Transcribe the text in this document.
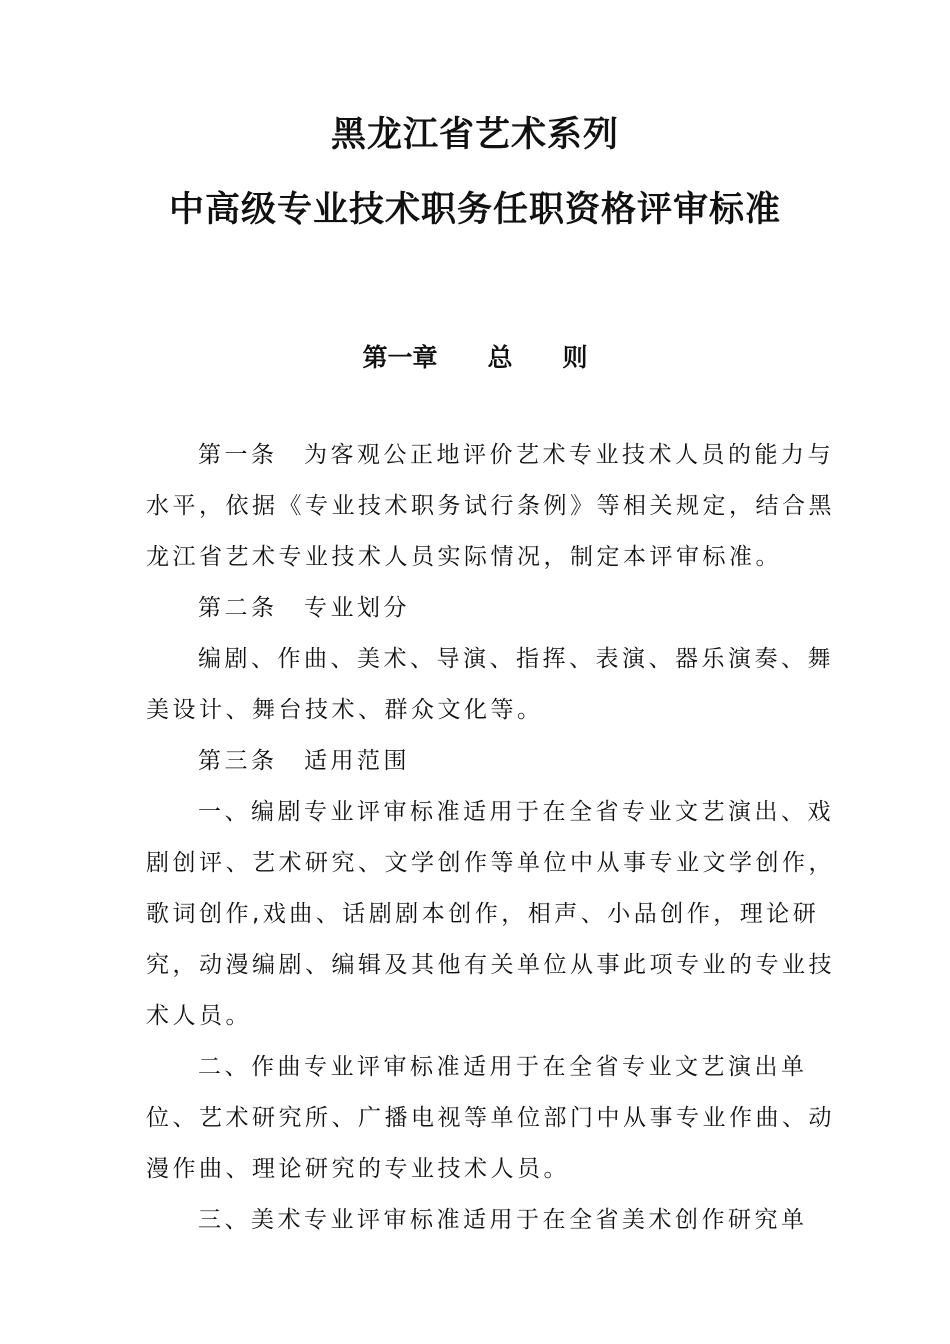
黑龙江省艺术系列
中高级专业技术职务任职资格评审标准
第一章　　总　　则

第一条　为客观公正地评价艺术专业技术人员的能力与水平，依据《专业技术职务试行条例》等相关规定，结合黑龙江省艺术专业技术人员实际情况，制定本评审标准。

第二条　专业划分

编剧、作曲、美术、导演、指挥、表演、器乐演奏、舞美设计、舞台技术、群众文化等。

第三条　适用范围

一、编剧专业评审标准适用于在全省专业文艺演出、戏剧创评、艺术研究、文学创作等单位中从事专业文学创作，歌词创作,戏曲、话剧剧本创作，相声、小品创作，理论研究，动漫编剧、编辑及其他有关单位从事此项专业的专业技术人员。

二、作曲专业评审标准适用于在全省专业文艺演出单位、艺术研究所、广播电视等单位部门中从事专业作曲、动漫作曲、理论研究的专业技术人员。

三、美术专业评审标准适用于在全省美术创作研究单
